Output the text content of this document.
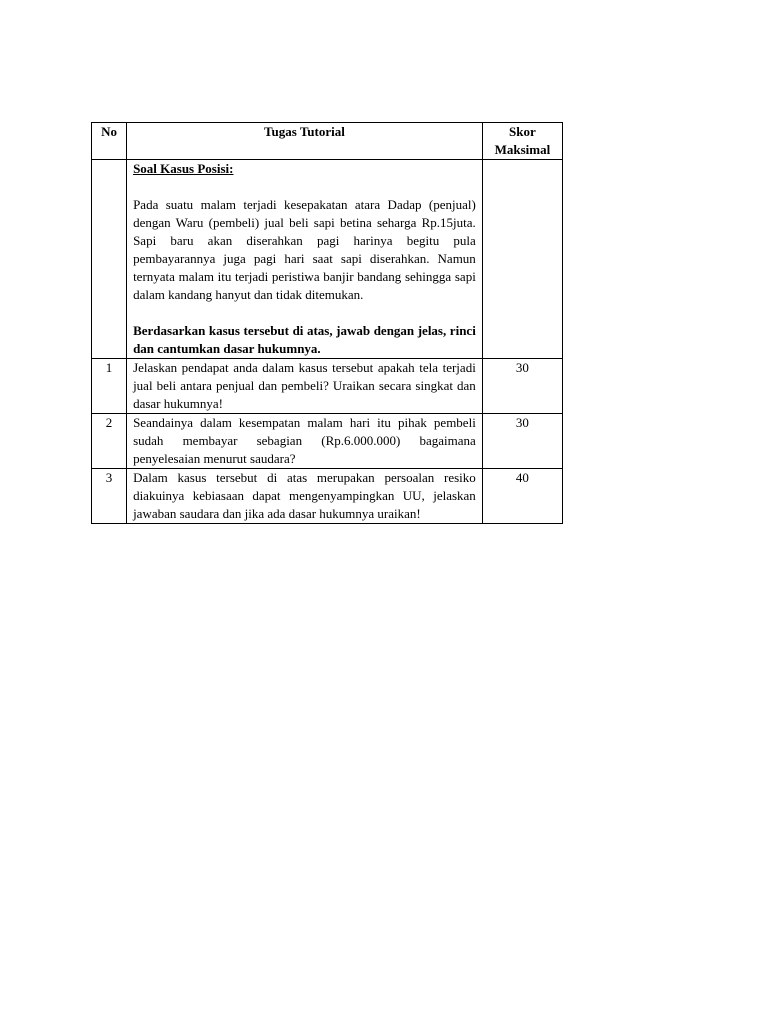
No	Tugas Tutorial	Skor
Maksimal

	Soal Kasus Posisi:
Pada suatu malam terjadi kesepakatan atara Dadap (penjual) dengan Waru (pembeli) jual beli sapi betina seharga Rp.15juta. Sapi baru akan diserahkan pagi harinya begitu pula pembayarannya juga pagi hari saat sapi diserahkan. Namun ternyata malam itu terjadi peristiwa banjir bandang sehingga sapi dalam kandang hanyut dan tidak ditemukan.
Berdasarkan kasus tersebut di atas, jawab dengan jelas, rinci dan cantumkan dasar hukumnya.	

1	Jelaskan pendapat anda dalam kasus tersebut apakah tela terjadi jual beli antara penjual dan pembeli? Uraikan secara singkat dan dasar hukumnya!	30
2	Seandainya dalam kesempatan malam hari itu pihak pembeli sudah membayar sebagian (Rp.6.000.000) bagaimana penyelesaian menurut saudara?	30
3	Dalam kasus tersebut di atas merupakan persoalan resiko diakuinya kebiasaan dapat mengenyampingkan UU, jelaskan jawaban saudara dan jika ada dasar hukumnya uraikan!	40
